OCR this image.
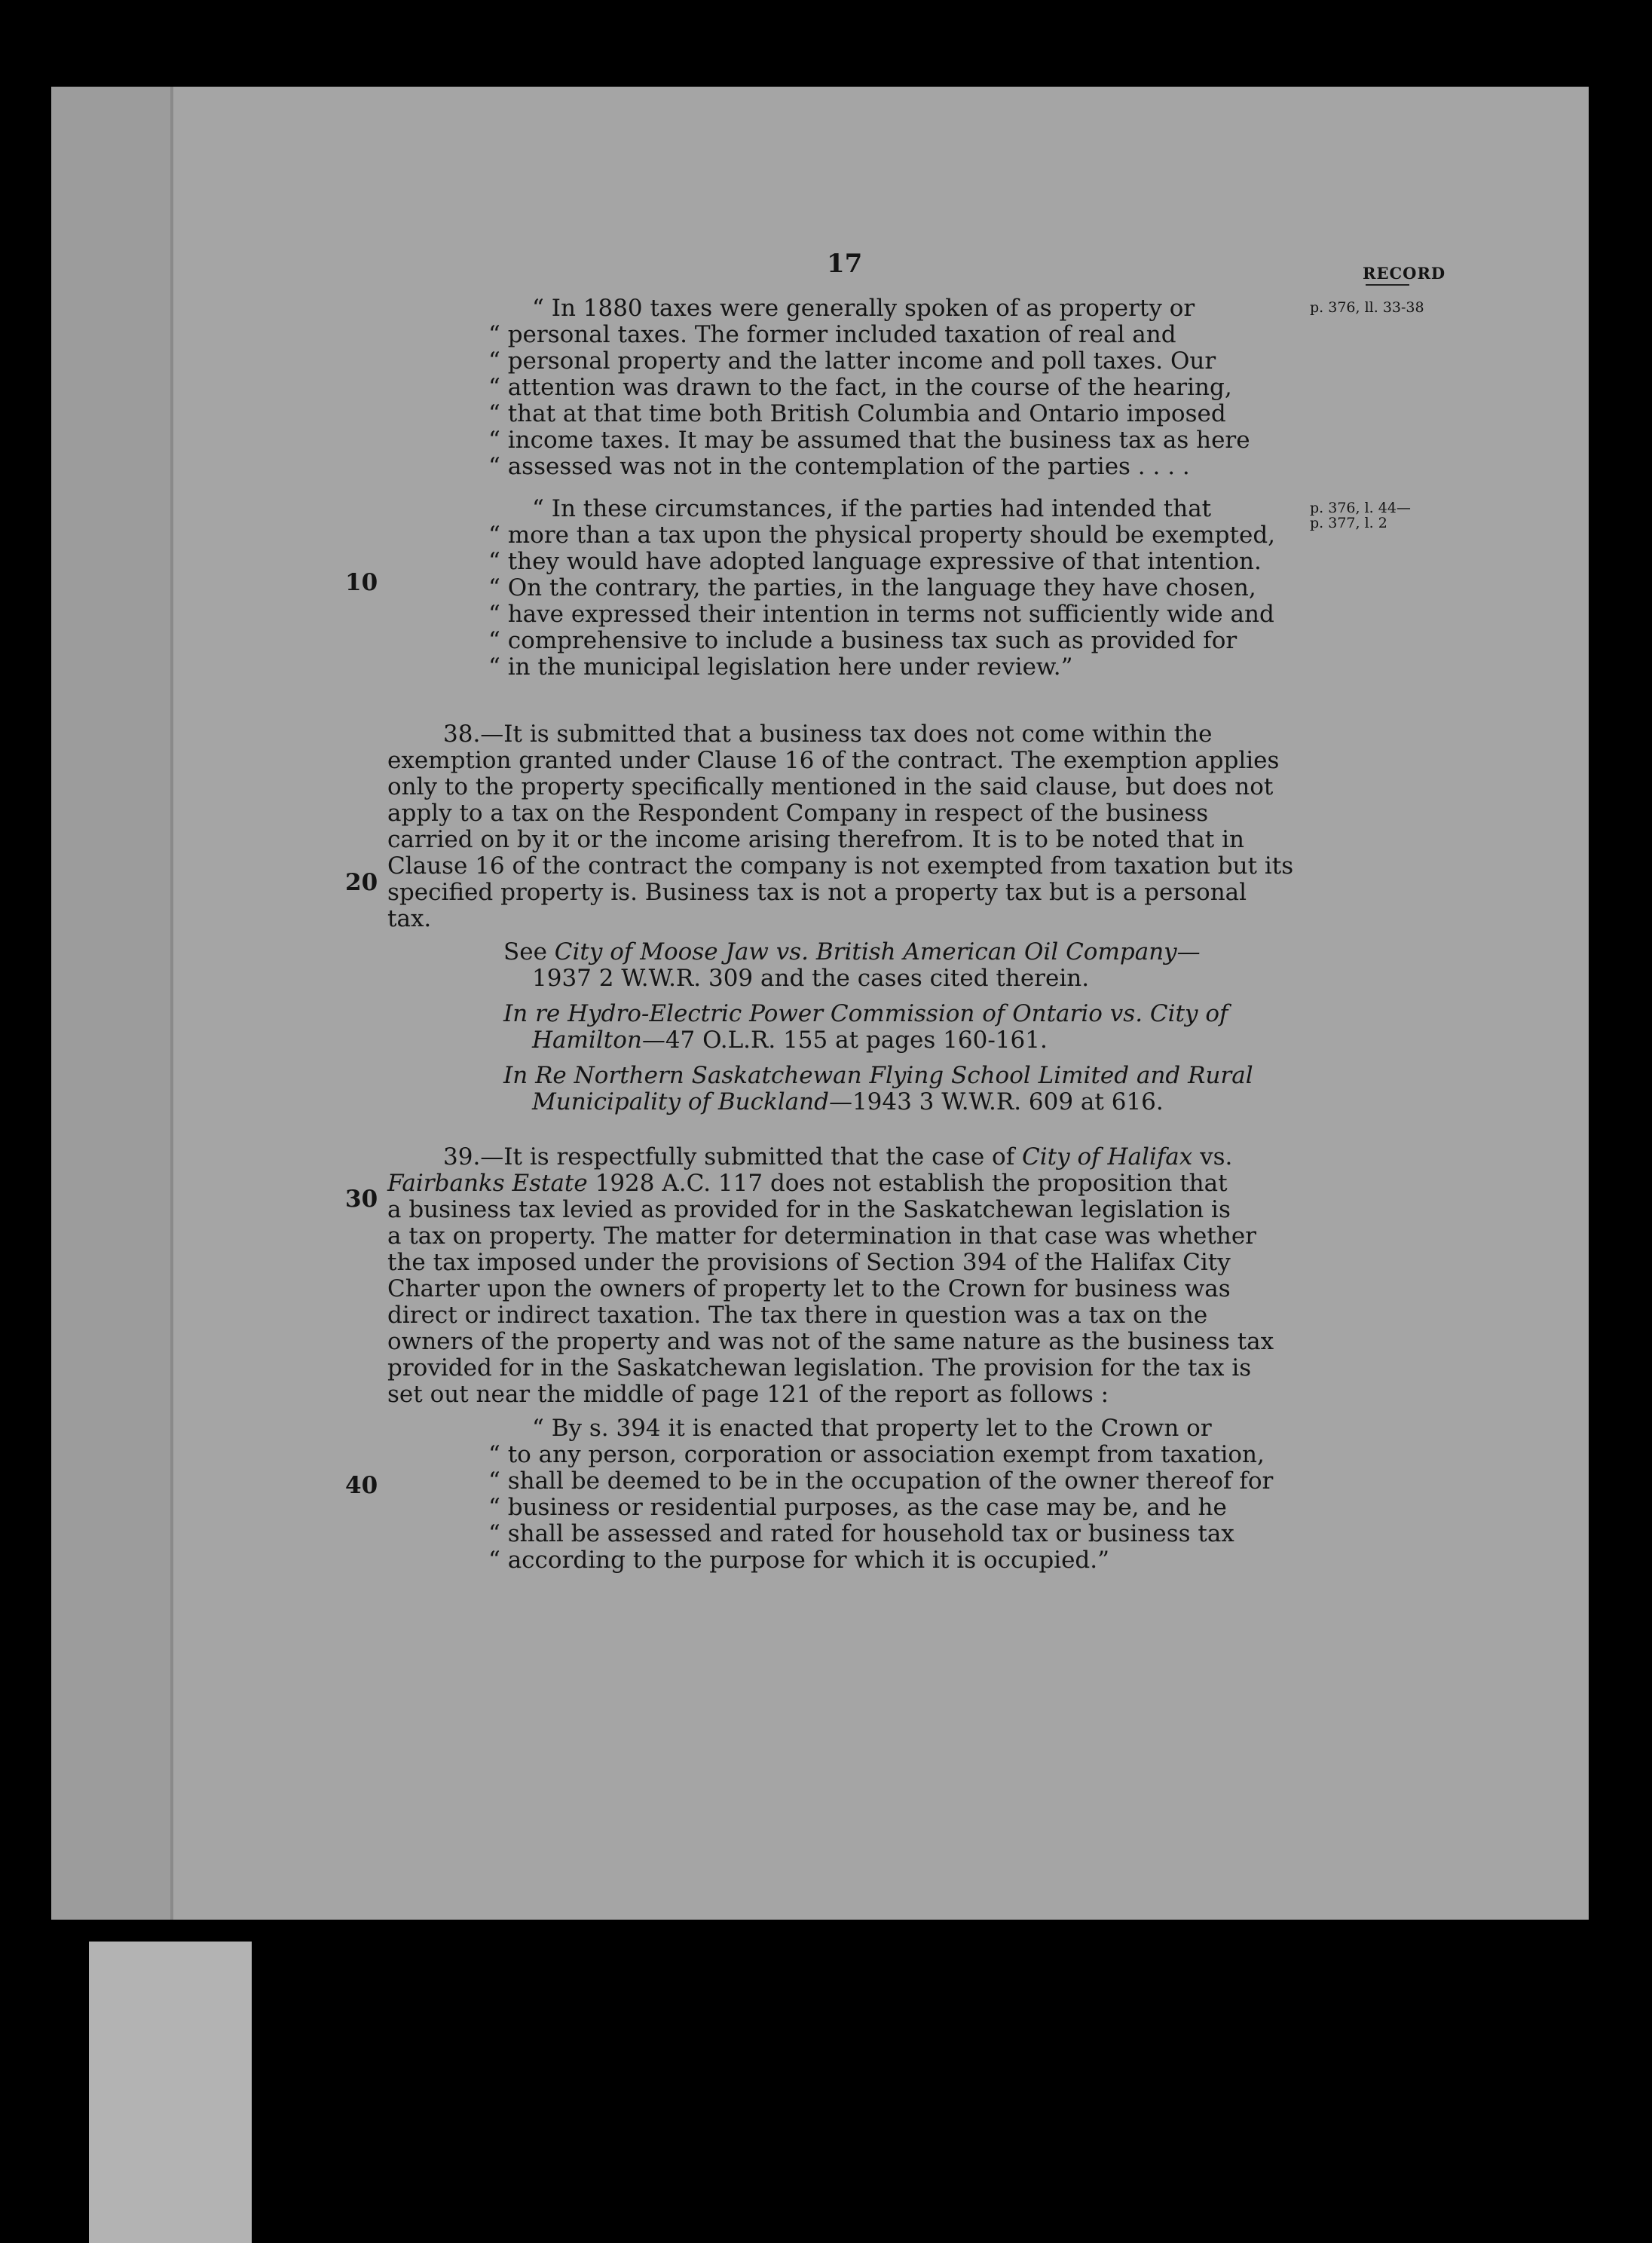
17	RECORD

p. 376, ll. 33-38

p. 376, l. 44—

p. 377, l. 2

10

20

30

40

“ In 1880 taxes were generally spoken of as property or

“ personal taxes. The former included taxation of real and

“ personal property and the latter income and poll taxes. Our

“ attention was drawn to the fact, in the course of the hearing,

“ that at that time both British Columbia and Ontario imposed

“ income taxes. It may be assumed that the business tax as here

“ assessed was not in the contemplation of the parties . . . .

“ In these circumstances, if the parties had intended that

“ more than a tax upon the physical property should be exempted,

“ they would have adopted language expressive of that intention.

“ On the contrary, the parties, in the language they have chosen,

“ have expressed their intention in terms not sufficiently wide and

“ comprehensive to include a business tax such as provided for

“ in the municipal legislation here under review.”

38.—It is submitted that a business tax does not come within the

exemption granted under Clause 16 of the contract. The exemption applies

only to the property specifically mentioned in the said clause, but does not

apply to a tax on the Respondent Company in respect of the business

carried on by it or the income arising therefrom. It is to be noted that in

Clause 16 of the contract the company is not exempted from taxation but its

specified property is. Business tax is not a property tax but is a personal

tax.

See City of Moose Jaw vs. British American Oil Company—

1937 2 W.W.R. 309 and the cases cited therein.

In re Hydro-Electric Power Commission of Ontario vs. City of

Hamilton—47 O.L.R. 155 at pages 160-161.

In Re Northern Saskatchewan Flying School Limited and Rural

Municipality of Buckland—1943 3 W.W.R. 609 at 616.

39.—It is respectfully submitted that the case of City of Halifax vs.

Fairbanks Estate 1928 A.C. 117 does not establish the proposition that

a business tax levied as provided for in the Saskatchewan legislation is

a tax on property. The matter for determination in that case was whether

the tax imposed under the provisions of Section 394 of the Halifax City

Charter upon the owners of property let to the Crown for business was

direct or indirect taxation. The tax there in question was a tax on the

owners of the property and was not of the same nature as the business tax

provided for in the Saskatchewan legislation. The provision for the tax is

set out near the middle of page 121 of the report as follows :

“ By s. 394 it is enacted that property let to the Crown or

“ to any person, corporation or association exempt from taxation,

“ shall be deemed to be in the occupation of the owner thereof for

“ business or residential purposes, as the case may be, and he

“ shall be assessed and rated for household tax or business tax

“ according to the purpose for which it is occupied.”
